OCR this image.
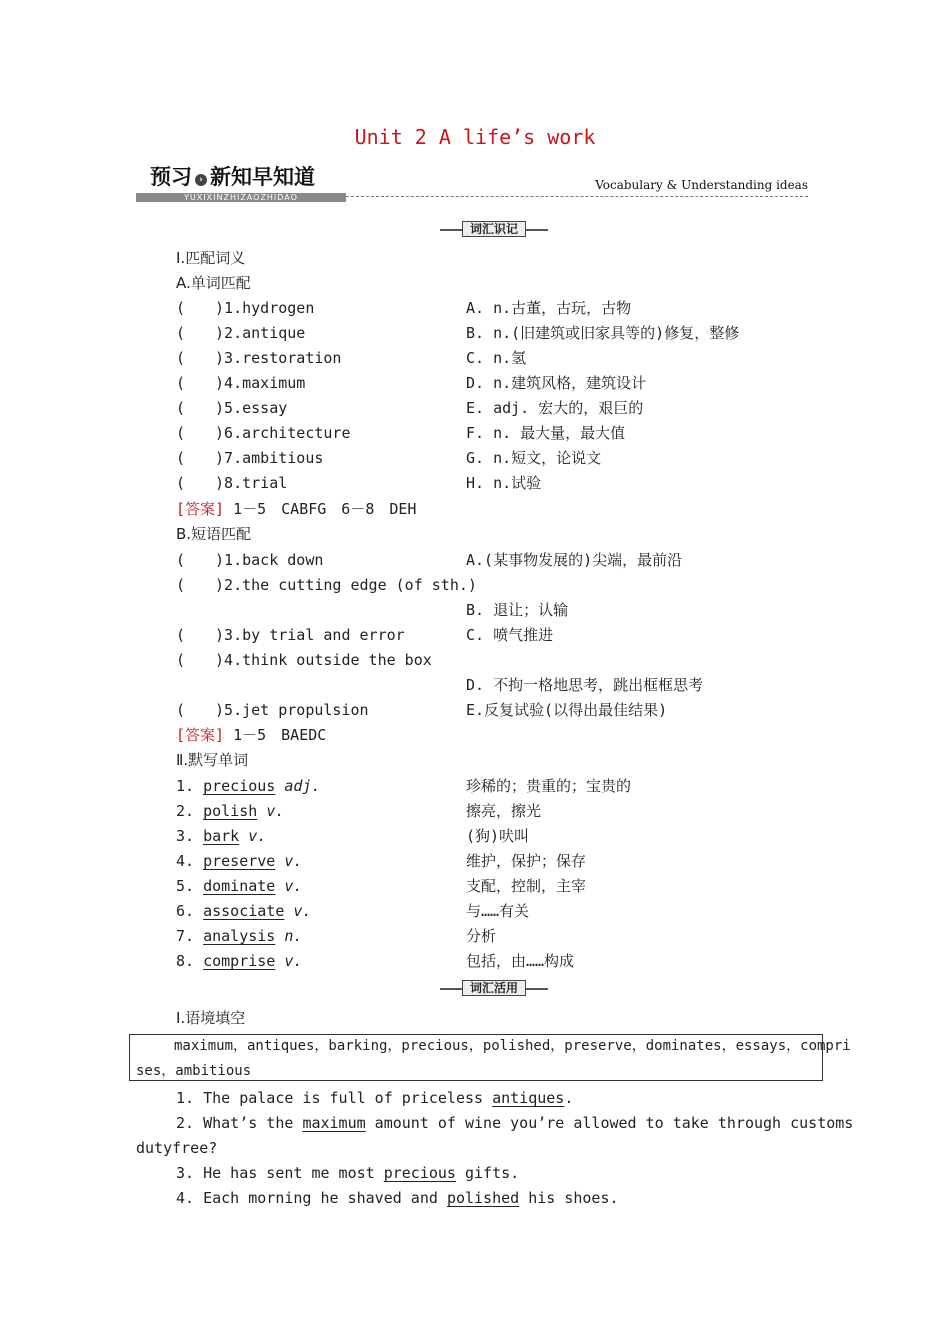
Unit 2 A life’s work
预习 › 新知早知道
YUXIXINZHIZAOZHIDAO
Vocabulary & Understanding ideas
词汇识记
Ⅰ.匹配词义
A.单词匹配
(　　)1.hydrogen	A. n.古董，古玩，古物
(　　)2.antique	B. n.(旧建筑或旧家具等的)修复，整修
(　　)3.restoration	C. n.氢
(　　)4.maximum	D. n.建筑风格，建筑设计
(　　)5.essay	E. adj. 宏大的，艰巨的
(　　)6.architecture	F. n. 最大量，最大值
(　　)7.ambitious	G. n.短文，论说文
(　　)8.trial	H. n.试验
[答案] 1－5　CABFG　6－8　DEH
B.短语匹配
(　　)1.back down	A.(某事物发展的)尖端，最前沿
(　　)2.the cutting edge (of sth.)
B. 退让；认输
(　　)3.by trial and error	C. 喷气推进
(　　)4.think outside the box
D. 不拘一格地思考，跳出框框思考
(　　)5.jet propulsion	E.反复试验(以得出最佳结果)
[答案] 1－5　BAEDC
Ⅱ.默写单词
1. precious adj.	珍稀的；贵重的；宝贵的
2. polish v.	擦亮，擦光
3. bark v.	(狗)吠叫
4. preserve v.	维护，保护；保存
5. dominate v.	支配，控制，主宰
6. associate v.	与……有关
7. analysis n.	分析
8. comprise v.	包括，由……构成
词汇活用
Ⅰ.语境填空
maximum，antiques，barking，precious，polished，preserve，dominates，essays，compri
ses，ambitious
1. The palace is full of priceless antiques.
2. What’s the maximum amount of wine you’re allowed to take through customs
dutyfree?
3. He has sent me most precious gifts.
4. Each morning he shaved and polished his shoes.
